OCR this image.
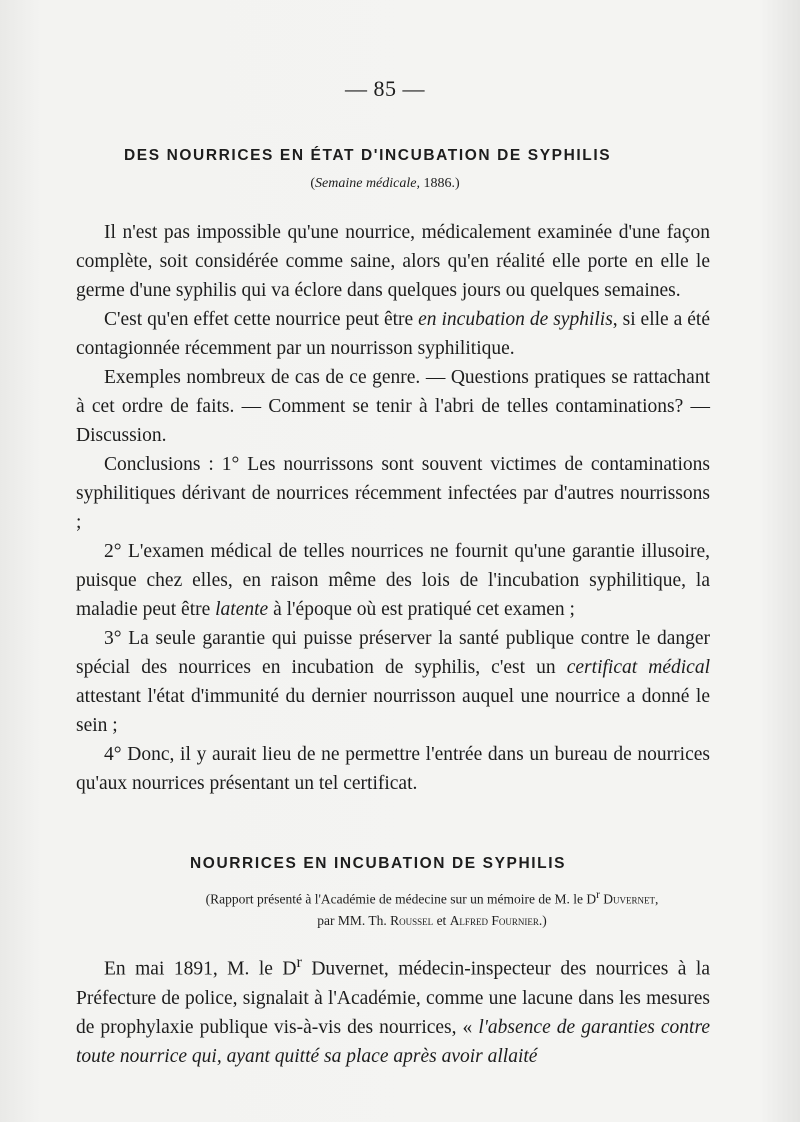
— 85 —
DES NOURRICES EN ÉTAT D'INCUBATION DE SYPHILIS
(Semaine médicale, 1886.)

Il n'est pas impossible qu'une nourrice, médicalement examinée d'une façon complète, soit considérée comme saine, alors qu'en réalité elle porte en elle le germe d'une syphilis qui va éclore dans quelques jours ou quelques semaines.

C'est qu'en effet cette nourrice peut être en incubation de syphilis, si elle a été contagionnée récemment par un nourrisson syphilitique.

Exemples nombreux de cas de ce genre. — Questions pratiques se rattachant à cet ordre de faits. — Comment se tenir à l'abri de telles contaminations? — Discussion.

Conclusions : 1° Les nourrissons sont souvent victimes de contaminations syphilitiques dérivant de nourrices récemment infectées par d'autres nourrissons ;

2° L'examen médical de telles nourrices ne fournit qu'une garantie illusoire, puisque chez elles, en raison même des lois de l'incubation syphilitique, la maladie peut être latente à l'époque où est pratiqué cet examen ;

3° La seule garantie qui puisse préserver la santé publique contre le danger spécial des nourrices en incubation de syphilis, c'est un certificat médical attestant l'état d'immunité du dernier nourrisson auquel une nourrice a donné le sein ;

4° Donc, il y aurait lieu de ne permettre l'entrée dans un bureau de nourrices qu'aux nourrices présentant un tel certificat.

NOURRICES EN INCUBATION DE SYPHILIS
(Rapport présenté à l'Académie de médecine sur un mémoire de M. le $D^r$ Duvernet,
par MM. Th. Roussel et Alfred Fournier.)

En mai 1891, M. le $D^r$ Duvernet, médecin-inspecteur des nourrices à la Préfecture de police, signalait à l'Académie, comme une lacune dans les mesures de prophylaxie publique vis-à-vis des nourrices, « l'absence de garanties contre toute nourrice qui, ayant quitté sa place après avoir allaité
